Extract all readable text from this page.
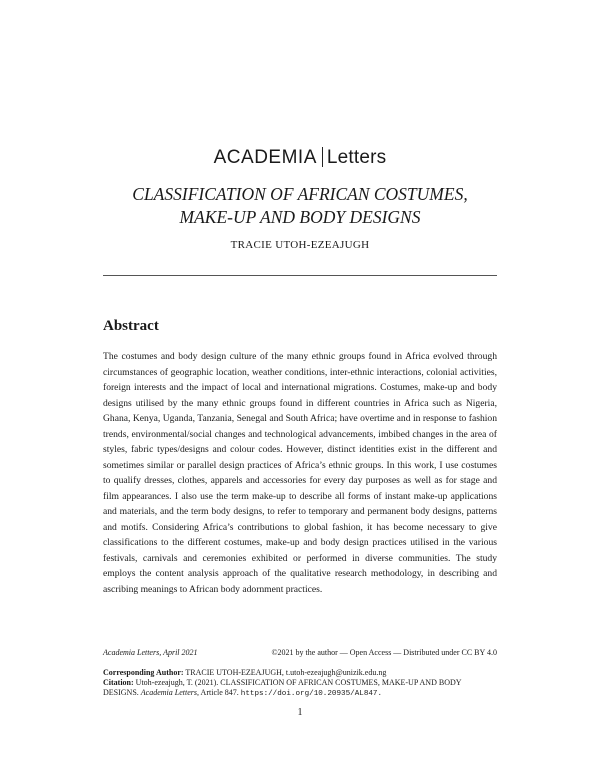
ACADEMIA Letters
CLASSIFICATION OF AFRICAN COSTUMES,
MAKE-UP AND BODY DESIGNS
TRACIE UTOH-EZEAJUGH
Abstract
The costumes and body design culture of the many ethnic groups found in Africa evolved through circumstances of geographic location, weather conditions, inter-ethnic interactions, colonial activities, foreign interests and the impact of local and international migrations. Costumes, make-up and body designs utilised by the many ethnic groups found in different countries in Africa such as Nigeria, Ghana, Kenya, Uganda, Tanzania, Senegal and South Africa; have overtime and in response to fashion trends, environmental/social changes and technological advancements, imbibed changes in the area of styles, fabric types/designs and colour codes. However, distinct identities exist in the different and sometimes similar or parallel design practices of Africa’s ethnic groups. In this work, I use costumes to qualify dresses, clothes, apparels and accessories for every day purposes as well as for stage and film appearances. I also use the term make-up to describe all forms of instant make-up applications and materials, and the term body designs, to refer to temporary and permanent body designs, patterns and motifs. Considering Africa’s contributions to global fashion, it has become necessary to give classifications to the different costumes, make-up and body design practices utilised in the various festivals, carnivals and ceremonies exhibited or performed in diverse communities. The study employs the content analysis approach of the qualitative research methodology, in describing and ascribing meanings to African body adornment practices.
Academia Letters, April 2021	©2021 by the author — Open Access — Distributed under CC BY 4.0
Corresponding Author: TRACIE UTOH-EZEAJUGH, t.utoh-ezeajugh@unizik.edu.ng
Citation: Utoh-ezeajugh, T. (2021). CLASSIFICATION OF AFRICAN COSTUMES, MAKE-UP AND BODY DESIGNS. Academia Letters, Article 847. https://doi.org/10.20935/AL847.
1
